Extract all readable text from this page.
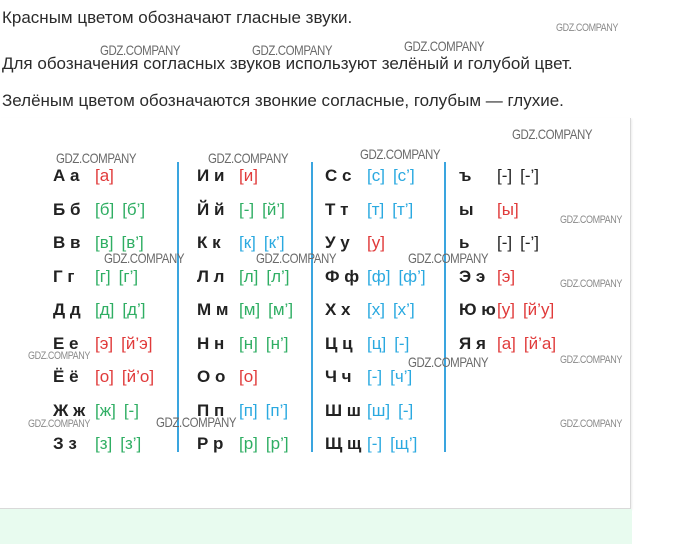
Красным цветом обозначают гласные звуки.
Для обозначения согласных звуков используют зелёный и голубой цвет.
Зелёным цветом обозначаются звонкие согласные, голубым — глухие.
А а [а]
Б б [б] [б’]
В в [в] [в’]
Г г	[г] [г’]
Д д [д] [д’]
Е е [э] [й’э]
Ё ё [о] [й’о]
Ж ж [ж] [-]
З з	[з] [з’]
И и [и]
Й й [-] [й’]
К к	[к] [к’]
Л л [л] [л’]
М м [м] [м’]
Н н [н] [н’]
О о [о]
П п [п] [п’]
Р р [р] [р’]
С с [с] [с’]
Т т	[т] [т’]
У у	[у]
Ф ф [ф] [ф’]
Х х [х] [х’]
Ц ц [ц] [-]
Ч ч [-] [ч’]
Ш ш [ш] [-]
Щ щ [-] [щ’]
ъ	[-] [-’]
ы	[ы]
ь	[-] [-’]
Э э [э]
Ю ю [у] [й’у]
Я я [а] [й’а]
GDZ.COMPANY
GDZ.COMPANY	GDZ.COMPANY	GDZ.COMPANY
GDZ.COMPANY
GDZ.COMPANY	GDZ.COMPANY	GDZ.COMPANY
GDZ.COMPANY
GDZ.COMPANY	GDZ.COMPANY	GDZ.COMPANY
GDZ.COMPANY
GDZ.COMPANY	GDZ.COMPANY	GDZ.COMPANY
GDZ.COMPANY	GDZ.COMPANY	GDZ.COMPANY
